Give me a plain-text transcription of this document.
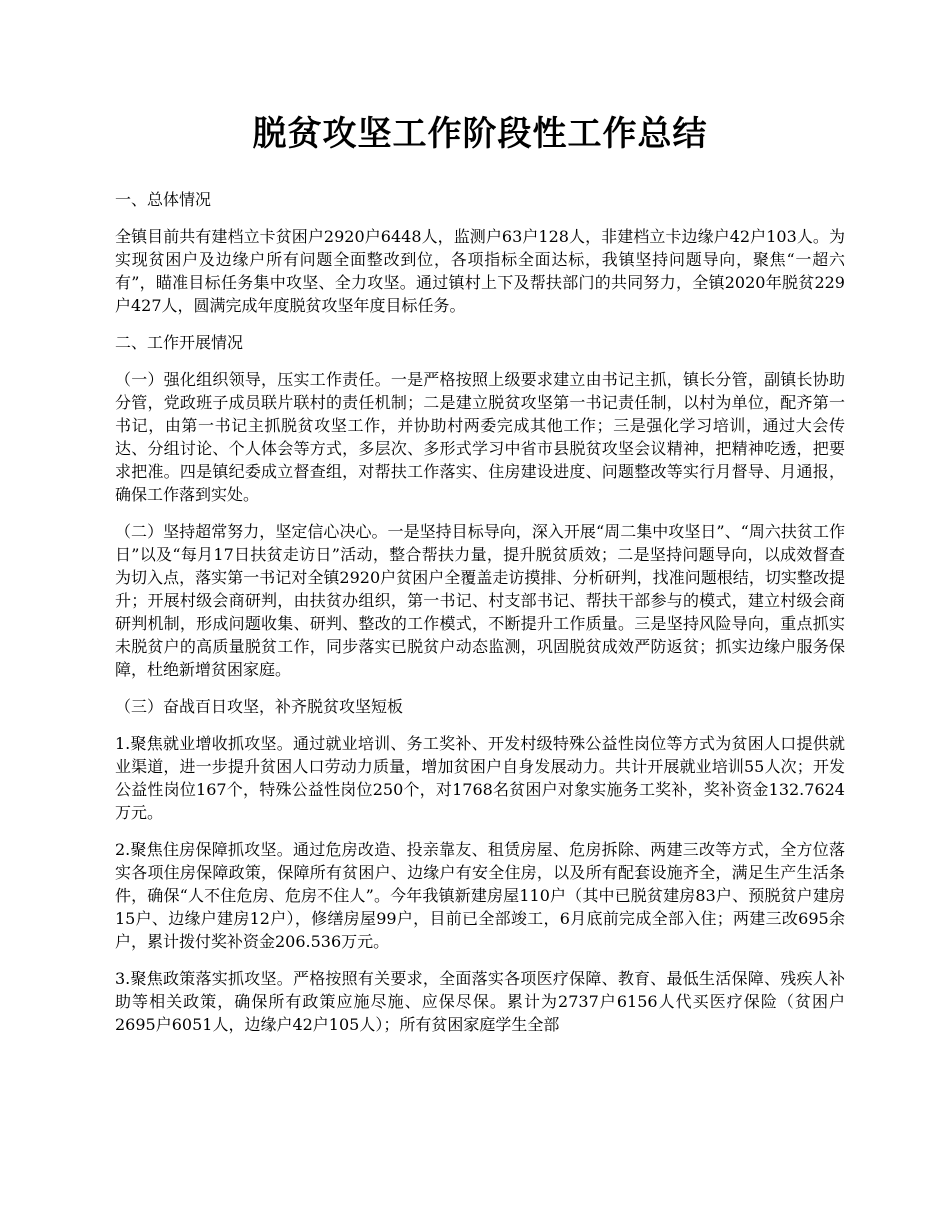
脱贫攻坚工作阶段性工作总结

一、总体情况

全镇目前共有建档立卡贫困户2920户6448人，监测户63户128人，非建档立卡边缘户42户103人。为实现贫困户及边缘户所有问题全面整改到位，各项指标全面达标，我镇坚持问题导向，聚焦“一超六有”，瞄准目标任务集中攻坚、全力攻坚。通过镇村上下及帮扶部门的共同努力，全镇2020年脱贫229户427人，圆满完成年度脱贫攻坚年度目标任务。

二、工作开展情况

（一）强化组织领导，压实工作责任。一是严格按照上级要求建立由书记主抓，镇长分管，副镇长协助分管，党政班子成员联片联村的责任机制；二是建立脱贫攻坚第一书记责任制，以村为单位，配齐第一书记，由第一书记主抓脱贫攻坚工作，并协助村两委完成其他工作；三是强化学习培训，通过大会传达、分组讨论、个人体会等方式，多层次、多形式学习中省市县脱贫攻坚会议精神，把精神吃透，把要求把准。四是镇纪委成立督查组，对帮扶工作落实、住房建设进度、问题整改等实行月督导、月通报，确保工作落到实处。

（二）坚持超常努力，坚定信心决心。一是坚持目标导向，深入开展“周二集中攻坚日”、“周六扶贫工作日”以及“每月17日扶贫走访日”活动，整合帮扶力量，提升脱贫质效；二是坚持问题导向，以成效督查为切入点，落实第一书记对全镇2920户贫困户全覆盖走访摸排、分析研判，找准问题根结，切实整改提升；开展村级会商研判，由扶贫办组织，第一书记、村支部书记、帮扶干部参与的模式，建立村级会商研判机制，形成问题收集、研判、整改的工作模式，不断提升工作质量。三是坚持风险导向，重点抓实未脱贫户的高质量脱贫工作，同步落实已脱贫户动态监测，巩固脱贫成效严防返贫；抓实边缘户服务保障，杜绝新增贫困家庭。

（三）奋战百日攻坚，补齐脱贫攻坚短板

1.聚焦就业增收抓攻坚。通过就业培训、务工奖补、开发村级特殊公益性岗位等方式为贫困人口提供就业渠道，进一步提升贫困人口劳动力质量，增加贫困户自身发展动力。共计开展就业培训55人次；开发公益性岗位167个，特殊公益性岗位250个，对1768名贫困户对象实施务工奖补，奖补资金132.7624万元。

2.聚焦住房保障抓攻坚。通过危房改造、投亲靠友、租赁房屋、危房拆除、两建三改等方式，全方位落实各项住房保障政策，保障所有贫困户、边缘户有安全住房，以及所有配套设施齐全，满足生产生活条件，确保“人不住危房、危房不住人”。今年我镇新建房屋110户（其中已脱贫建房83户、预脱贫户建房15户、边缘户建房12户），修缮房屋99户，目前已全部竣工，6月底前完成全部入住；两建三改695余户，累计拨付奖补资金206.536万元。

3.聚焦政策落实抓攻坚。严格按照有关要求，全面落实各项医疗保障、教育、最低生活保障、残疾人补助等相关政策，确保所有政策应施尽施、应保尽保。累计为2737户6156人代买医疗保险（贫困户2695户6051人，边缘户42户105人）；所有贫困家庭学生全部
